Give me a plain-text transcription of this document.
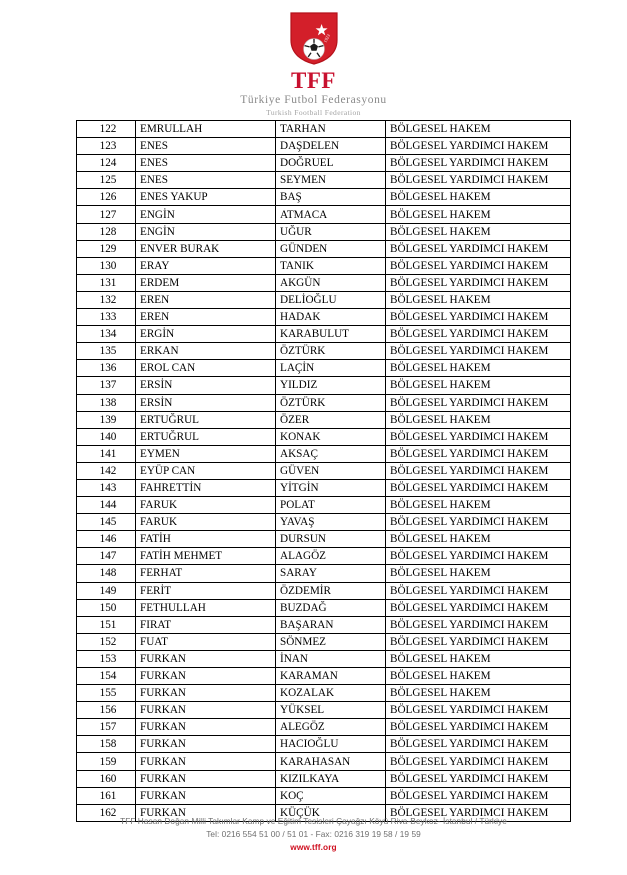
1923
TFF
Türkiye Futbol Federasyonu
Turkish Football Federation
122	EMRULLAH	TARHAN	BÖLGESEL HAKEM
123	ENES	DAŞDELEN	BÖLGESEL YARDIMCI HAKEM
124	ENES	DOĞRUEL	BÖLGESEL YARDIMCI HAKEM
125	ENES	SEYMEN	BÖLGESEL YARDIMCI HAKEM
126	ENES YAKUP	BAŞ	BÖLGESEL HAKEM
127	ENGİN	ATMACA	BÖLGESEL HAKEM
128	ENGİN	UĞUR	BÖLGESEL HAKEM
129	ENVER BURAK	GÜNDEN	BÖLGESEL YARDIMCI HAKEM
130	ERAY	TANIK	BÖLGESEL YARDIMCI HAKEM
131	ERDEM	AKGÜN	BÖLGESEL YARDIMCI HAKEM
132	EREN	DELİOĞLU	BÖLGESEL HAKEM
133	EREN	HADAK	BÖLGESEL YARDIMCI HAKEM
134	ERGİN	KARABULUT	BÖLGESEL YARDIMCI HAKEM
135	ERKAN	ÖZTÜRK	BÖLGESEL YARDIMCI HAKEM
136	EROL CAN	LAÇİN	BÖLGESEL HAKEM
137	ERSİN	YILDIZ	BÖLGESEL HAKEM
138	ERSİN	ÖZTÜRK	BÖLGESEL YARDIMCI HAKEM
139	ERTUĞRUL	ÖZER	BÖLGESEL HAKEM
140	ERTUĞRUL	KONAK	BÖLGESEL YARDIMCI HAKEM
141	EYMEN	AKSAÇ	BÖLGESEL YARDIMCI HAKEM
142	EYÜP CAN	GÜVEN	BÖLGESEL YARDIMCI HAKEM
143	FAHRETTİN	YİTGİN	BÖLGESEL YARDIMCI HAKEM
144	FARUK	POLAT	BÖLGESEL HAKEM
145	FARUK	YAVAŞ	BÖLGESEL YARDIMCI HAKEM
146	FATİH	DURSUN	BÖLGESEL HAKEM
147	FATİH MEHMET	ALAGÖZ	BÖLGESEL YARDIMCI HAKEM
148	FERHAT	SARAY	BÖLGESEL HAKEM
149	FERİT	ÖZDEMİR	BÖLGESEL YARDIMCI HAKEM
150	FETHULLAH	BUZDAĞ	BÖLGESEL YARDIMCI HAKEM
151	FIRAT	BAŞARAN	BÖLGESEL YARDIMCI HAKEM
152	FUAT	SÖNMEZ	BÖLGESEL YARDIMCI HAKEM
153	FURKAN	İNAN	BÖLGESEL HAKEM
154	FURKAN	KARAMAN	BÖLGESEL HAKEM
155	FURKAN	KOZALAK	BÖLGESEL HAKEM
156	FURKAN	YÜKSEL	BÖLGESEL YARDIMCI HAKEM
157	FURKAN	ALEGÖZ	BÖLGESEL YARDIMCI HAKEM
158	FURKAN	HACIOĞLU	BÖLGESEL YARDIMCI HAKEM
159	FURKAN	KARAHASAN	BÖLGESEL YARDIMCI HAKEM
160	FURKAN	KIZILKAYA	BÖLGESEL YARDIMCI HAKEM
161	FURKAN	KOÇ	BÖLGESEL YARDIMCI HAKEM
162	FURKAN	KÜÇÜK	BÖLGESEL YARDIMCI HAKEM
TFF Hasan Doğan Milli Takımlar Kamp ve Eğitim Tesisleri Çayağzı Köyü Riva-Beykoz- İstanbul / Türkiye
Tel: 0216 554 51 00 / 51 01 - Fax: 0216 319 19 58 / 19 59
www.tff.org
